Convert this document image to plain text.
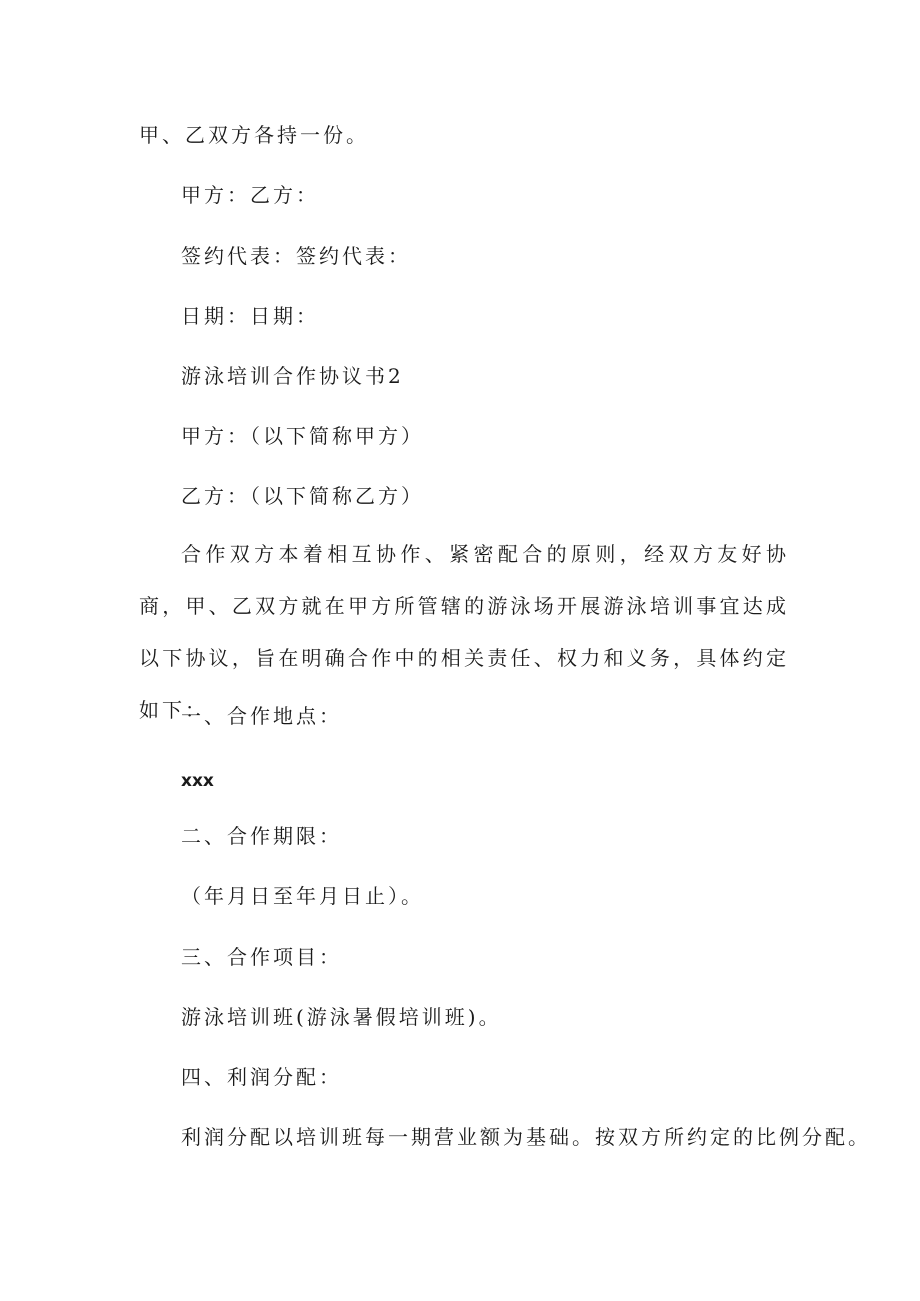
甲、乙双方各持一份。
甲方：乙方：
签约代表：签约代表：
日期：日期：
游泳培训合作协议书2
甲方：（以下简称甲方）
乙方：（以下简称乙方）
合作双方本着相互协作、紧密配合的原则，经双方友好协商，甲、乙双方就在甲方所管辖的游泳场开展游泳培训事宜达成以下协议，旨在明确合作中的相关责任、权力和义务，具体约定如下：
一、合作地点：
xxx
二、合作期限：
（年月日至年月日止）。
三、合作项目：
游泳培训班(游泳暑假培训班)。
四、利润分配：
利润分配以培训班每一期营业额为基础。按双方所约定的比例分配。
